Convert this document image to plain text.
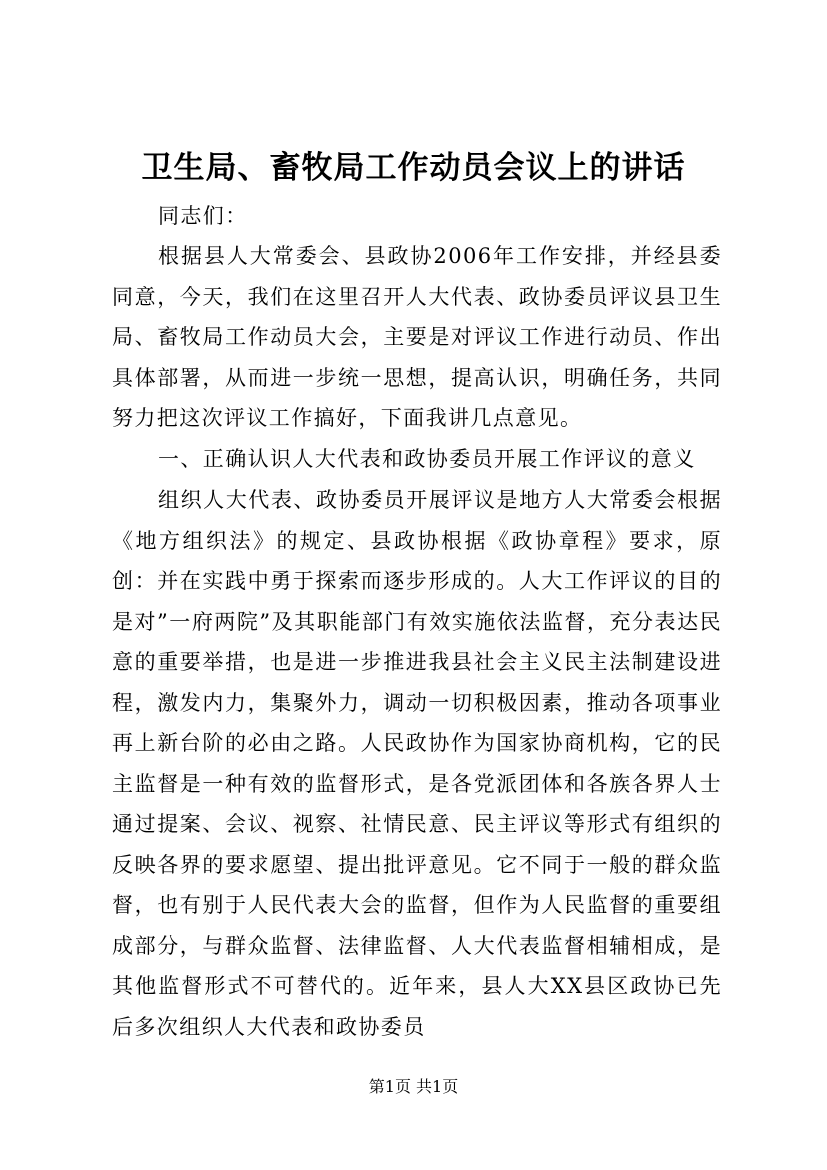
卫生局、畜牧局工作动员会议上的讲话
同志们：
根据县人大常委会、县政协2006年工作安排，并经县委同意，今天，我们在这里召开人大代表、政协委员评议县卫生局、畜牧局工作动员大会，主要是对评议工作进行动员、作出具体部署，从而进一步统一思想，提高认识，明确任务，共同努力把这次评议工作搞好，下面我讲几点意见。
一、正确认识人大代表和政协委员开展工作评议的意义
组织人大代表、政协委员开展评议是地方人大常委会根据《地方组织法》的规定、县政协根据《政协章程》要求，原创：并在实践中勇于探索而逐步形成的。人大工作评议的目的是对”一府两院”及其职能部门有效实施依法监督，充分表达民意的重要举措，也是进一步推进我县社会主义民主法制建设进程，激发内力，集聚外力，调动一切积极因素，推动各项事业再上新台阶的必由之路。人民政协作为国家协商机构，它的民主监督是一种有效的监督形式，是各党派团体和各族各界人士通过提案、会议、视察、社情民意、民主评议等形式有组织的反映各界的要求愿望、提出批评意见。它不同于一般的群众监督，也有别于人民代表大会的监督，但作为人民监督的重要组成部分，与群众监督、法律监督、人大代表监督相辅相成，是其他监督形式不可替代的。近年来，县人大XX县区政协已先后多次组织人大代表和政协委员
第1页 共1页
